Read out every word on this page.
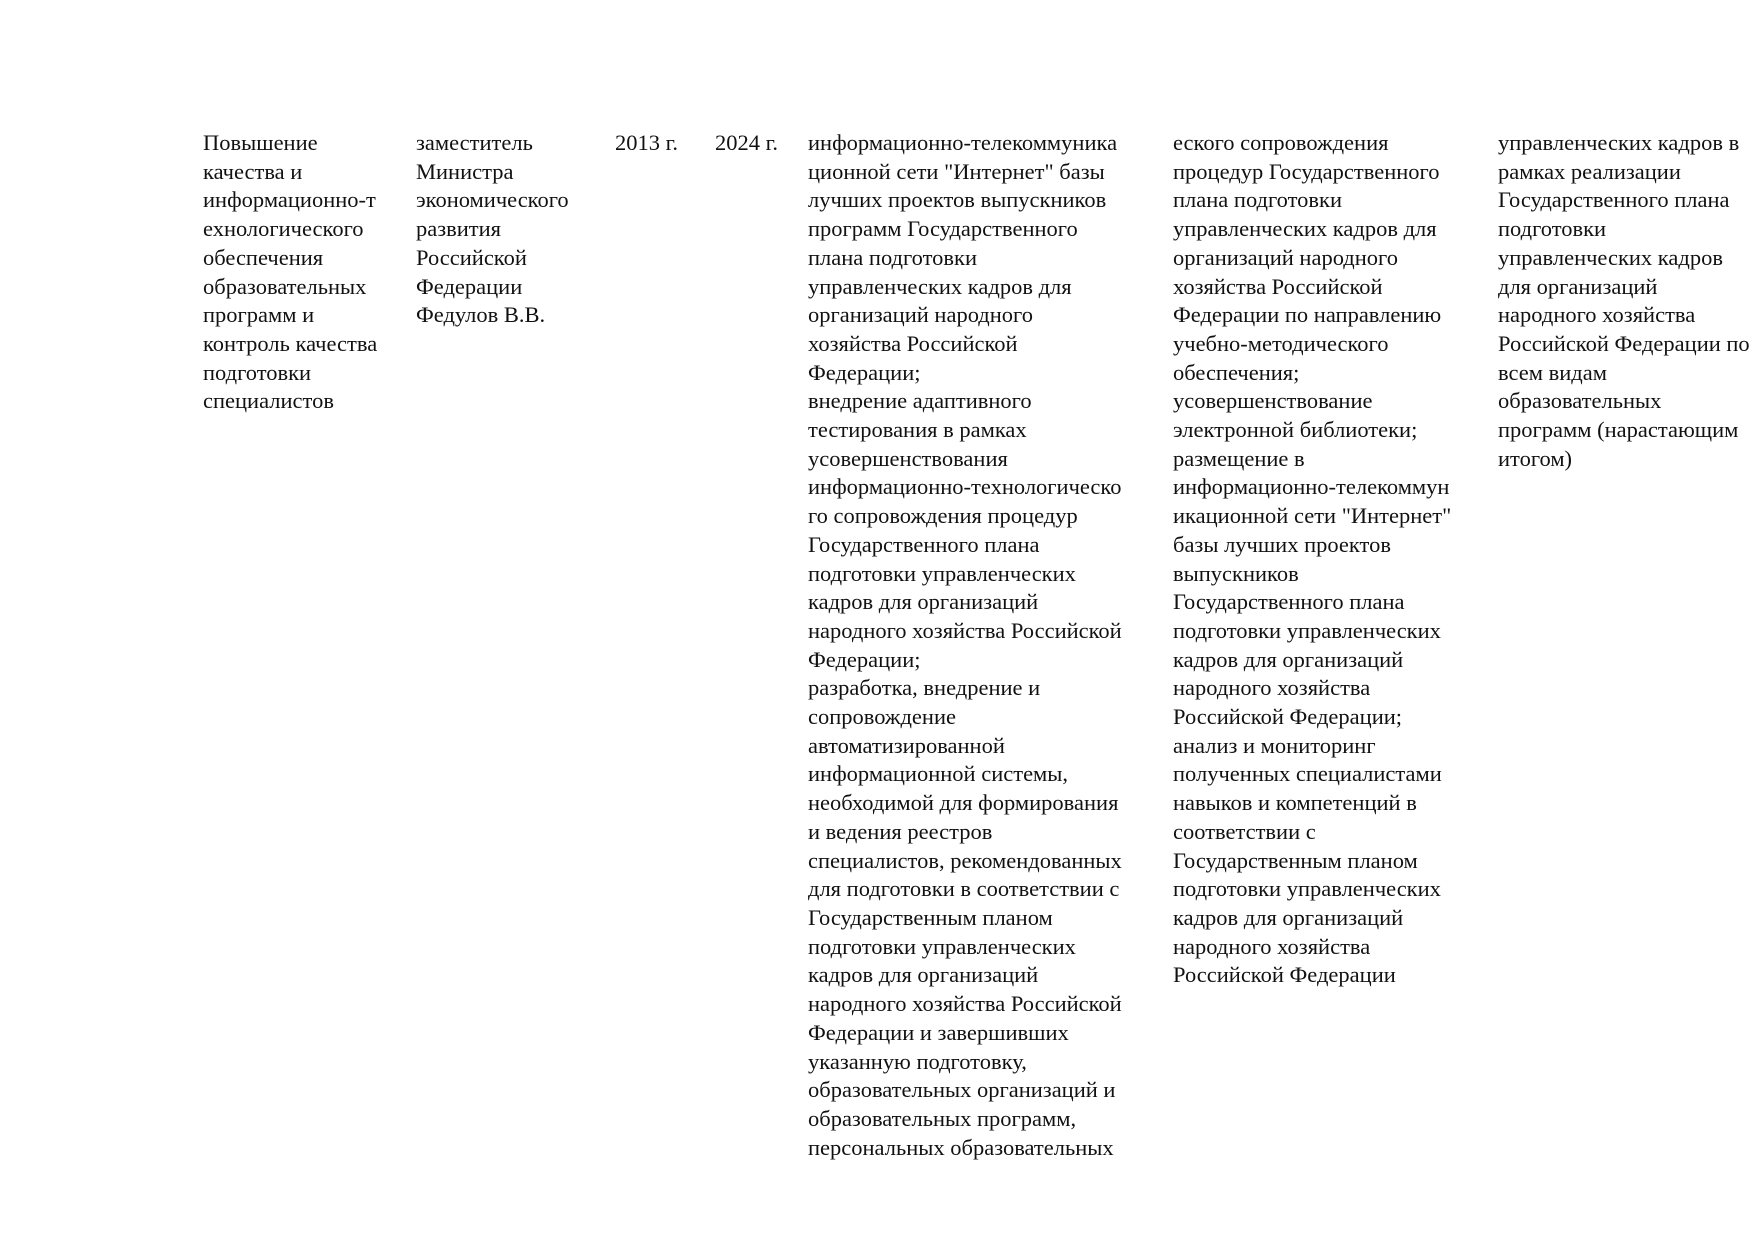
Повышение
качества и
информационно-т
ехнологического
обеспечения
образовательных
программ и
контроль качества
подготовки
специалистов

заместитель
Министра
экономического
развития
Российской
Федерации
Федулов В.В.

2013 г. 2024 г. информационно-телекоммуника
ционной сети "Интернет" базы
лучших проектов выпускников
программ Государственного
плана подготовки
управленческих кадров для
организаций народного
хозяйства Российской
Федерации;
внедрение адаптивного
тестирования в рамках
усовершенствования
информационно-технологическо
го сопровождения процедур
Государственного плана
подготовки управленческих
кадров для организаций
народного хозяйства Российской
Федерации;
разработка, внедрение и
сопровождение
автоматизированной
информационной системы,
необходимой для формирования
и ведения реестров
специалистов, рекомендованных
для подготовки в соответствии с
Государственным планом
подготовки управленческих
кадров для организаций
народного хозяйства Российской
Федерации и завершивших
указанную подготовку,
образовательных организаций и
образовательных программ,
персональных образовательных

еского сопровождения
процедур Государственного
плана подготовки
управленческих кадров для
организаций народного
хозяйства Российской
Федерации по направлению
учебно-методического
обеспечения;
усовершенствование
электронной библиотеки;
размещение в
информационно-телекоммун
икационной сети "Интернет"
базы лучших проектов
выпускников
Государственного плана
подготовки управленческих
кадров для организаций
народного хозяйства
Российской Федерации;
анализ и мониторинг
полученных специалистами
навыков и компетенций в
соответствии с
Государственным планом
подготовки управленческих
кадров для организаций
народного хозяйства
Российской Федерации

управленческих кадров в
рамках реализации
Государственного плана
подготовки
управленческих кадров
для организаций
народного хозяйства
Российской Федерации по
всем видам
образовательных
программ (нарастающим
итогом)
